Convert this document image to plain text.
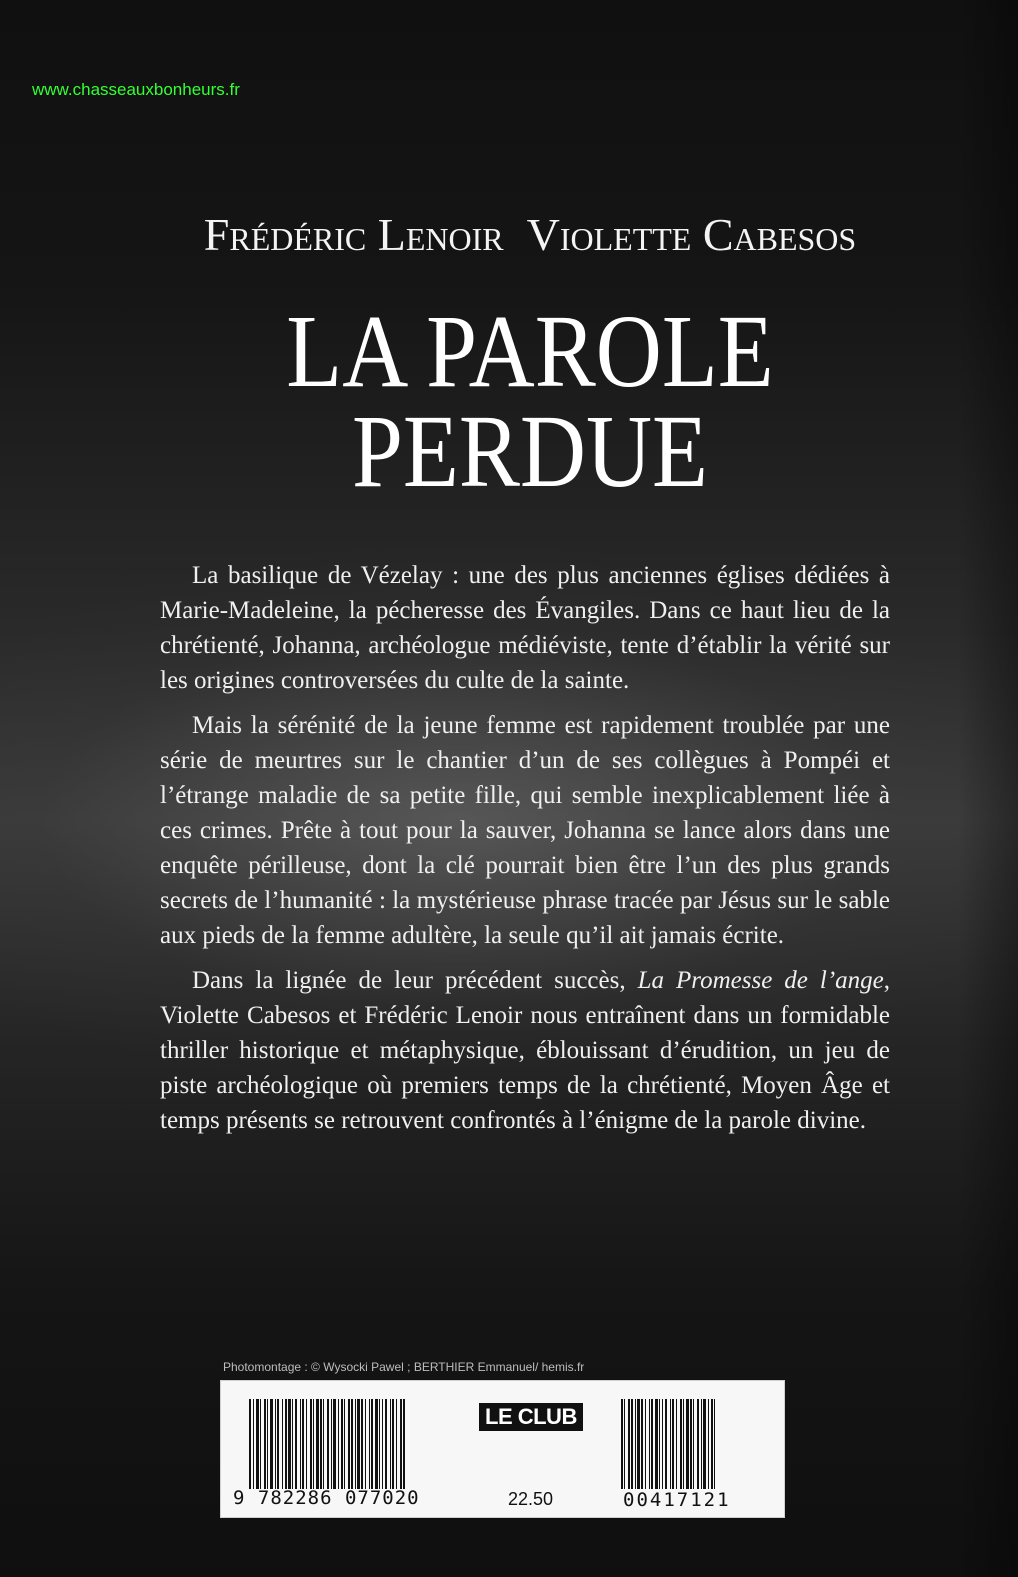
www.chasseauxbonheurs.fr
Frédéric Lenoir Violette Cabesos
LA PAROLE
PERDUE

La basilique de Vézelay : une des plus anciennes églises dédiées à Marie-Madeleine, la pécheresse des Évangiles. Dans ce haut lieu de la chrétienté, Johanna, archéologue médiéviste, tente d’établir la vérité sur les origines controversées du culte de la sainte.

Mais la sérénité de la jeune femme est rapidement troublée par une série de meurtres sur le chantier d’un de ses collègues à Pompéi et l’étrange maladie de sa petite fille, qui semble inexplicablement liée à ces crimes. Prête à tout pour la sauver, Johanna se lance alors dans une enquête périlleuse, dont la clé pourrait bien être l’un des plus grands secrets de l’humanité : la mystérieuse phrase tracée par Jésus sur le sable aux pieds de la femme adultère, la seule qu’il ait jamais écrite.

Dans la lignée de leur précédent succès, La Promesse de l’ange, Violette Cabesos et Frédéric Lenoir nous entraînent dans un formidable thriller historique et métaphysique, éblouissant d’érudition, un jeu de piste archéologique où premiers temps de la chrétienté, Moyen Âge et temps présents se retrouvent confrontés à l’énigme de la parole divine.

Photomontage : © Wysocki Pawel ; BERTHIER Emmanuel/ hemis.fr
9 782286 077020
LE CLUB
22.50	00417121
